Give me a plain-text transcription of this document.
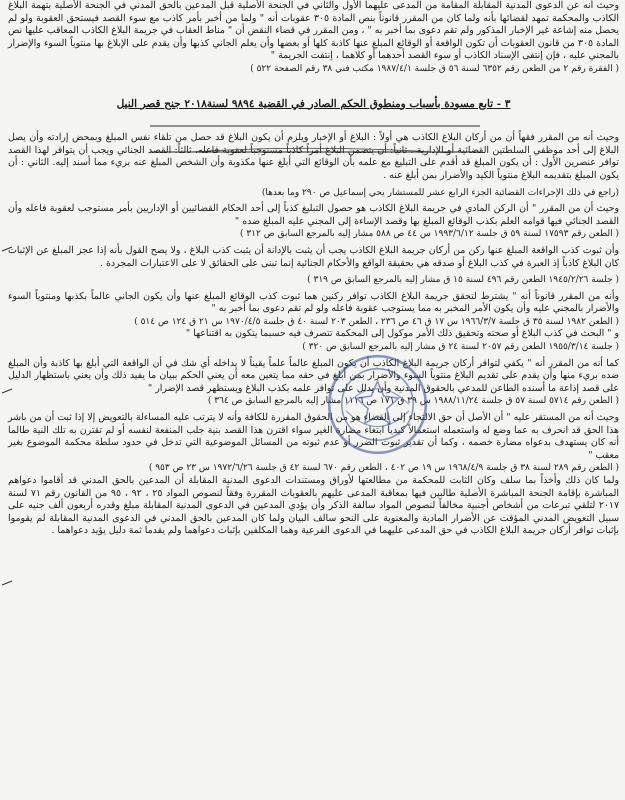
وحيث أنه عن الدعوى المدنية المقابلة المقامة من المدعى عليهما الأول والثاني في الجنحة الأصلية قبل المدعين بالحق المدني في الجنحة الأصلية بتهمة البلاغ الكاذب والمحكمة تمهد لقضائها بأنه ولما كان من المقرر قانوناً بنص المادة ٣٠٥ عقوبات أنه " ولما من أخبر بأمر كاذب مع سوء القصد فيستحق العقوبة ولو لم يحصل منه إشاعة غير الإخبار المذكور ولم تقم دعوى بما أخبر به " ، ومن المقرر في قضاء النقض أن " مناط العقاب في جريمة البلاغ الكاذب المعاقب عليها نص المادة ٣٠٥ من قانون العقوبات أن تكون الواقعة أو الوقائع المبلغ عنها كاذبة كلها أو بعضها وأن يعلم الجاني كذبها وأن يقدم على الإبلاغ بها منتوياً السوء والإضرار بالمجني عليه ، فإن إنتفى الإسناد الكاذب أو سوء القصد أحدهما أو كلاهما ، إنتفت الجريمة "

( الفقرة رقم ٢ من الطعن رقم ٦٣٥٢ لسنة ٥٦ ق جلسة ١٩٨٧/٤/١ مكتب فني ٣٨ رقم الصفحة ٥٢٢ )

٣ - تابع مسودة بأسباب ومنطوق الحكم الصادر في القضية ٩٨٩٤ لسنة٢٠١٨ جنح قصر النيل

وحيث أنه من المقرر فقهاً أن من أركان البلاغ الكاذب هي أولاً : البلاغ أو الإخبار ويلزم أن يكون البلاغ قد حصل من تلقاء نفس المبلغ وبمحض إرادته وأن يصل البلاغ إلى أحد موظفي السلطتين القضائية أو الإدارية . ثانياً: أن يتضمن البلاغ أمراً كاذباً مستوجباً لعقوبة فاعله. ثالثاً: القصد الجنائي ويجب أن يتوافر لهذا القصد توافر عنصرين الأول : أن يكون المبلغ قد أقدم على التبليغ مع علمه بأن الوقائع التي أبلغ عنها مكذوبة وأن الشخص المبلغ عنه بريء مما أسند إليه. الثاني : أن يكون المبلغ بتقديمه البلاغ منتوياً الكيد والأضرار بمن أبلغ عنه .

(راجع في ذلك الإجراءات القضائية الجزء الرابع عشر للمستشار يحي إسماعيل ص ٢٩٠ وما بعدها)

وحيث أن من المقرر " أن الركن المادي في جريمة البلاغ الكاذب هو حصول التبليغ كذباً إلى أحد الحكام القضائيين أو الإداريين بأمر مستوجب لعقوبة فاعله وأن القصد الجنائي فيها قوامه العلم بكذب الوقائع المبلغ بها وقصد الإساءة إلى المجني عليه المبلغ ضده "

( الطعن رقم ١٧٥٩٣ لسنة ٥٩ ق جلسة ١٩٩٣/٦/١٢ س ٤٤ ص ٥٨٨ مشار إليه بالمرجع السابق ص ٣١٢ )

وأن ثبوت كذب الواقعة المبلغ عنها ركن من أركان جريمة البلاغ الكاذب يجب أن يثبت بالإدانة أن يثبت كذب البلاغ ، ولا يصح القول بأنه إذا عجز المبلغ عن الإثبات كان البلاغ كاذباً إذ العبرة في كذب البلاغ أو صدقه هي بحقيقة الواقع والأحكام الجنائية إنما تبنى على الحقائق لا على الاعتبارات المجردة .

( جلسة ١٩٤٥/٢/٢٦ الطعن رقم ٤٩٦ لسنة ١٥ ق مشار إليه بالمرجع السابق ص ٣١٩ )

وأنه من المقرر قانوناً أنه " يشترط لتحقق جريمة البلاغ الكاذب توافر ركنين هما ثبوت كذب الوقائع المبلغ عنها وأن يكون الجاني عالماً بكذبها ومنتوياً السوء والأضرار بالمجني عليه وأن يكون الأمر المخبر به مما يستوجب عقوبة فاعله ولو لم تقم دعوى بما أخبر به "

( الطعن ١٩٨٢ لسنة ٣٥ ق جلسة ١٩٦٦/٣/٧ س ١٧ ق ٤٦ ص ٢٣٦ ، الطعن ٢٠٣ لسنة ٤٠ ق جلسة ١٩٧٠/٤/٥ س ٢١ ق ١٢٤ ص ٥١٤ )

و " البحث في كذب البلاغ أو صحته وتحقيق ذلك الأمر موكول إلى المحكمة تتصرف فيه حسبما يتكون به اقتناعها "

( جلسة ١٩٥٥/٣/١٤ الطعن رقم ٢٠٥٧ لسنة ٢٤ ق مشار إليه بالمرجع السابق ص ٣٢٠ )

كما أنه من المقرر أنه " يكفي لتوافر أركان جريمة البلاغ الكاذب أن يكون المبلغ عالماً علماً يقيناً لا يداخله أي شك في أن الواقعة التي أبلغ بها كاذبة وأن المبلغ ضده بريء منها وأن يقدم على تقديم البلاغ منتوياً السوء والأضرار بمن أبلغ في حقه مما يتعين معه أن يعني الحكم ببيان ما يفيد ذلك وأن يعني باستظهار الدليل على قصد إذاعة ما أسنده الطاعن للمدعي بالحقوق المدنية وأن يدلل على توافر علمه بكذب البلاغ ويستظهر قصد الإضرار "

( الطعن رقم ٥٧١٤ لسنة ٥٧ ق جلسة ١٩٨٨/١١/٢٤ س ٣٩ ق ١٧١ ص ١١١٦ مشار إليه بالمرجع السابق ص ٣٦٤ )

وحيث أنه من المستقر عليه " أن الأصل أن حق الالتجاء إلى القضاء هو من الحقوق المقررة للكافة وأنه لا يترتب عليه المساءلة بالتعويض إلا إذا ثبت أن من باشر هذا الحق قد انحرف به عما وضع له واستعمله استعمالاً كيدياً ابتغاء مضارة الغير سواء اقترن هذا القصد بنية جلب المنفعة لنفسه أو لم تقترن به تلك النية طالما أنه كان يستهدف بدعواه مضارة خصمه ، وكما أن تقدير ثبوت الضرر أو عدم ثبوته من المسائل الموضوعية التي تدخل في حدود سلطة محكمة الموضوع بغير معقب "

( الطعن رقم ٢٨٩ لسنة ٣٨ ق جلسة ١٩٦٨/٤/٩ س ١٩ ص ٤٠٢ ، الطعن رقم ٦٧٠ لسنة ٤٢ ق جلسة ١٩٧٢/٦/٢٦ س ٢٣ ص ٩٥٣ )

ولما كان ذلك وأخذاً بما سلف وكان الثابت للمحكمة من مطالعتها لأوراق ومستندات الدعوى المدنية المقابلة أن المدعين بالحق المدني قد أقاموا دعواهم المباشرة بإقامة الجنحة المباشرة الأصلية طالبين فيها بمعاقبة المدعى عليهم بالعقوبات المقررة وفقاً لنصوص المواد ٢٥ ، ٩٢ ، ٩٥ من القانون رقم ٧١ لسنة ٢٠١٧ لتلقي تبرعات من أشخاص أجنبية مخالفاً لنصوص المواد سالفة الذكر وأن يؤدي المدعين في الدعوى المدنية المقابلة مبلغ وقدره أربعون ألف جنيه على سبيل التعويض المدني المؤقت عن الأضرار المادية والمعنوية على النحو سالف البيان ولما كان المدعين بالحق المدني في الدعوى المدنية المقابلة لم يقوموا بإثبات توافر أركان جريمة البلاغ الكاذب في حق المدعى عليهما في الدعوى الفرعية وهما المكلفين بإثبات دعواهما ولم يقدما ثمة دليل يؤيد دعواهما .
